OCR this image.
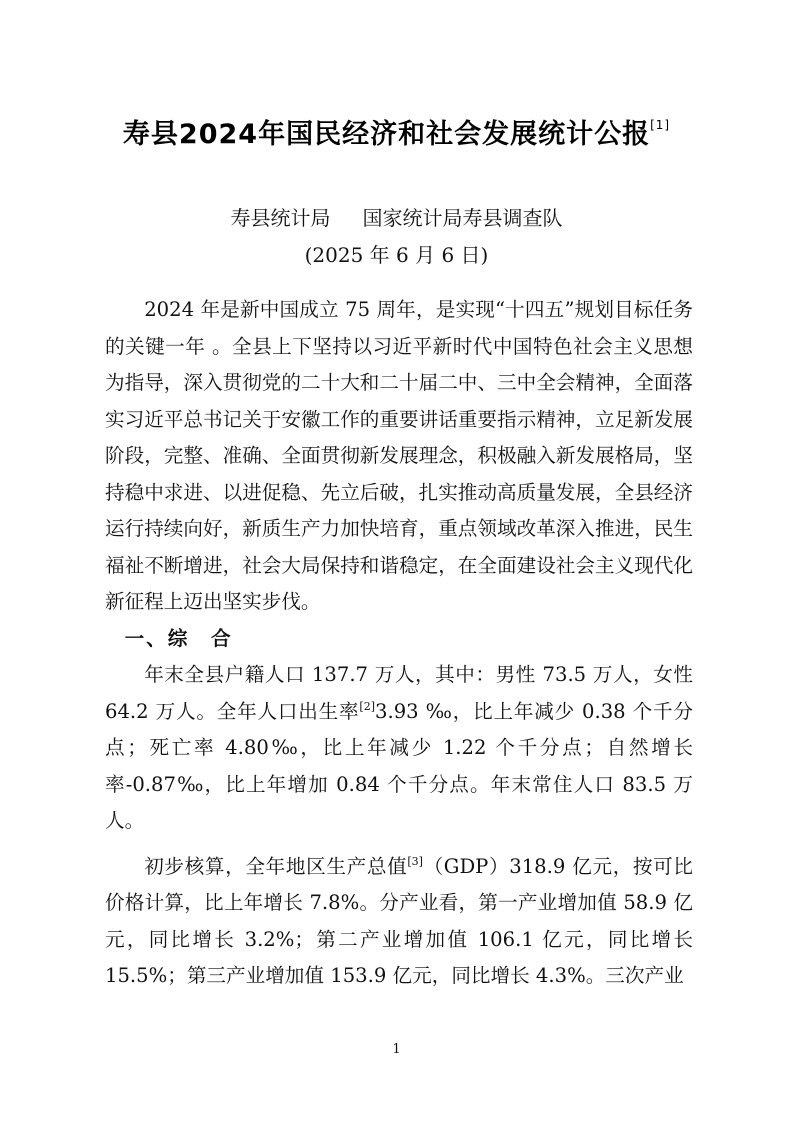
寿县2024年国民经济和社会发展统计公报[1]
寿县统计局 国家统计局寿县调查队
(2025 年 6 月 6 日)

2024 年是新中国成立 75 周年，是实现“十四五”规划目标任务的关键一年 。全县上下坚持以习近平新时代中国特色社会主义思想为指导，深入贯彻党的二十大和二十届二中、三中全会精神，全面落实习近平总书记关于安徽工作的重要讲话重要指示精神，立足新发展阶段，完整、准确、全面贯彻新发展理念，积极融入新发展格局，坚持稳中求进、以进促稳、先立后破，扎实推动高质量发展，全县经济运行持续向好，新质生产力加快培育，重点领域改革深入推进，民生福祉不断增进，社会大局保持和谐稳定，在全面建设社会主义现代化新征程上迈出坚实步伐。

一、综　合

年末全县户籍人口 137.7 万人，其中：男性 73.5 万人，女性 64.2 万人。全年人口出生率[2]3.93 ‰，比上年减少 0.38 个千分点；死亡率 4.80‰，比上年减少 1.22 个千分点；自然增长率-0.87‰，比上年增加 0.84 个千分点。年末常住人口 83.5 万人。

初步核算，全年地区生产总值[3]（GDP）318.9 亿元，按可比价格计算，比上年增长 7.8%。分产业看，第一产业增加值 58.9 亿元，同比增长 3.2%；第二产业增加值 106.1 亿元，同比增长 15.5%；第三产业增加值 153.9 亿元，同比增长 4.3%。三次产业

1
